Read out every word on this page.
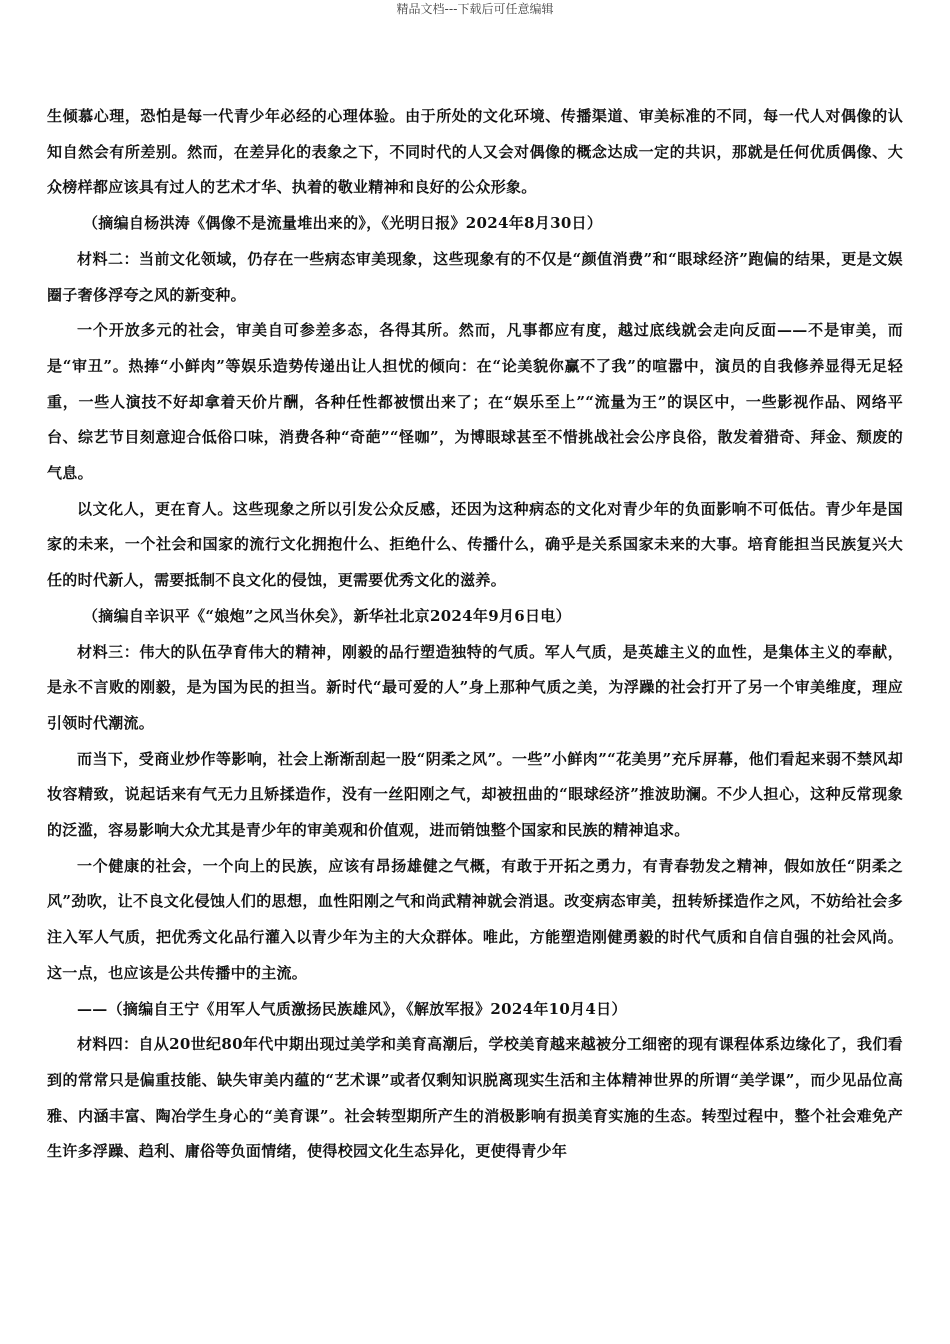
精品文档---下载后可任意编辑

生倾慕心理，恐怕是每一代青少年必经的心理体验。由于所处的文化环境、传播渠道、审美标准的不同，每一代人对偶像的认知自然会有所差别。然而，在差异化的表象之下，不同时代的人又会对偶像的概念达成一定的共识，那就是任何优质偶像、大众榜样都应该具有过人的艺术才华、执着的敬业精神和良好的公众形象。

（摘编自杨洪涛《偶像不是流量堆出来的》，《光明日报》2024年8月30日）

材料二：当前文化领域，仍存在一些病态审美现象，这些现象有的不仅是“颜值消费”和“眼球经济”跑偏的结果，更是文娱圈子奢侈浮夸之风的新变种。

一个开放多元的社会，审美自可参差多态，各得其所。然而，凡事都应有度，越过底线就会走向反面——不是审美，而是“审丑”。热捧“小鲜肉”等娱乐造势传递出让人担忧的倾向：在“论美貌你赢不了我”的喧嚣中，演员的自我修养显得无足轻重，一些人演技不好却拿着天价片酬，各种任性都被惯出来了；在“娱乐至上”“流量为王”的误区中，一些影视作品、网络平台、综艺节目刻意迎合低俗口味，消费各种“奇葩”“怪咖”，为博眼球甚至不惜挑战社会公序良俗，散发着猎奇、拜金、颓废的气息。

以文化人，更在育人。这些现象之所以引发公众反感，还因为这种病态的文化对青少年的负面影响不可低估。青少年是国家的未来，一个社会和国家的流行文化拥抱什么、拒绝什么、传播什么，确乎是关系国家未来的大事。培育能担当民族复兴大任的时代新人，需要抵制不良文化的侵蚀，更需要优秀文化的滋养。

（摘编自辛识平《“娘炮”之风当休矣》，新华社北京2024年9月6日电）

材料三：伟大的队伍孕育伟大的精神，刚毅的品行塑造独特的气质。军人气质，是英雄主义的血性，是集体主义的奉献，是永不言败的刚毅，是为国为民的担当。新时代“最可爱的人”身上那种气质之美，为浮躁的社会打开了另一个审美维度，理应引领时代潮流。

而当下，受商业炒作等影响，社会上渐渐刮起一股“阴柔之风”。一些”小鲜肉”“花美男”充斥屏幕，他们看起来弱不禁风却妆容精致，说起话来有气无力且矫揉造作，没有一丝阳刚之气，却被扭曲的“眼球经济”推波助澜。不少人担心，这种反常现象的泛滥，容易影响大众尤其是青少年的审美观和价值观，进而销蚀整个国家和民族的精神追求。

一个健康的社会，一个向上的民族，应该有昂扬雄健之气概，有敢于开拓之勇力，有青春勃发之精神，假如放任“阴柔之风”劲吹，让不良文化侵蚀人们的思想，血性阳刚之气和尚武精神就会消退。改变病态审美，扭转矫揉造作之风，不妨给社会多注入军人气质，把优秀文化品行灌入以青少年为主的大众群体。唯此，方能塑造刚健勇毅的时代气质和自信自强的社会风尚。这一点，也应该是公共传播中的主流。

——（摘编自王宁《用军人气质激扬民族雄风》，《解放军报》2024年10月4日）

材料四：自从20世纪80年代中期出现过美学和美育高潮后，学校美育越来越被分工细密的现有课程体系边缘化了，我们看到的常常只是偏重技能、缺失审美内蕴的“艺术课”或者仅剩知识脱离现实生活和主体精神世界的所谓“美学课”，而少见品位高雅、内涵丰富、陶冶学生身心的“美育课”。社会转型期所产生的消极影响有损美育实施的生态。转型过程中，整个社会难免产生许多浮躁、趋利、庸俗等负面情绪，使得校园文化生态异化，更使得青少年
